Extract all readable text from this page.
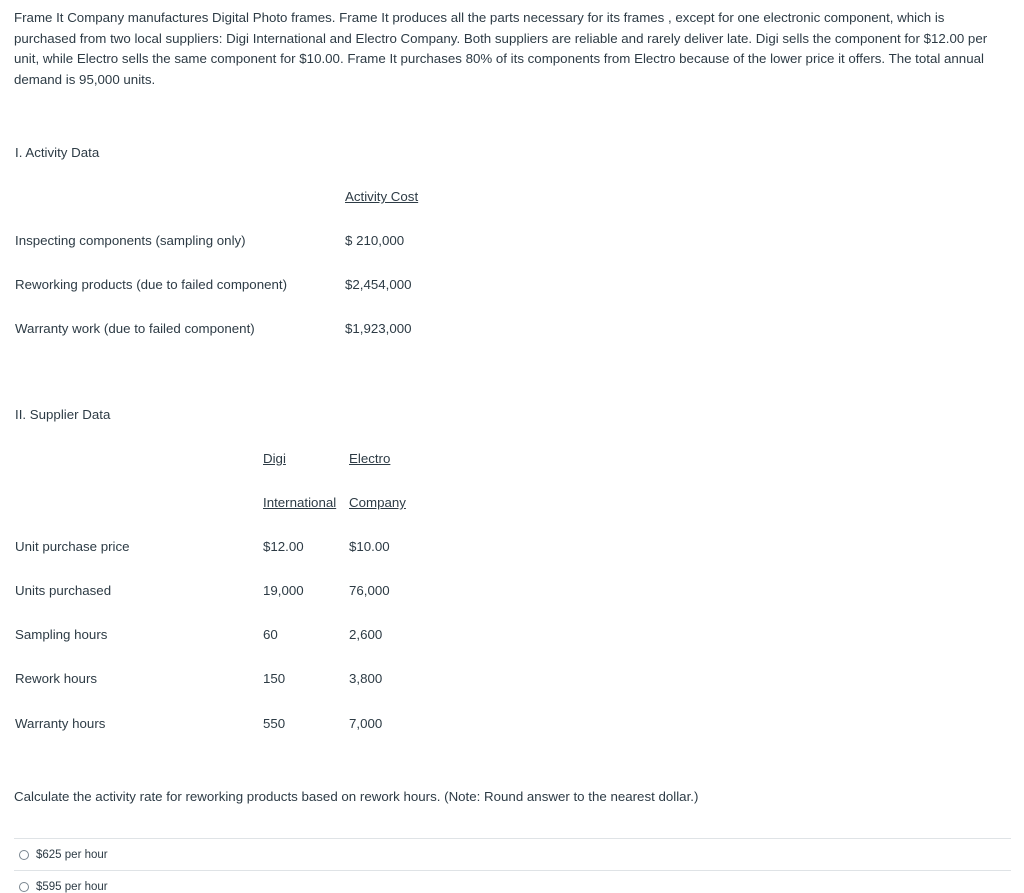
Frame It Company manufactures Digital Photo frames. Frame It produces all the parts necessary for its frames , except for one electronic component, which is purchased from two local suppliers: Digi International and Electro Company. Both suppliers are reliable and rarely deliver late. Digi sells the component for $12.00 per unit, while Electro sells the same component for $10.00. Frame It purchases 80% of its components from Electro because of the lower price it offers. The total annual demand is 95,000 units.

I. Activity Data
Activity Cost
Inspecting components (sampling only)	$ 210,000
Reworking products (due to failed component)	$2,454,000
Warranty work (due to failed component)	$1,923,000
II. Supplier Data
Digi	Electro
International Company
Unit purchase price	$12.00	$10.00
Units purchased	19,000	76,000
Sampling hours	60	2,600
Rework hours	150	3,800
Warranty hours	550	7,000
Calculate the activity rate for reworking products based on rework hours. (Note: Round answer to the nearest dollar.)
$625 per hour
$595 per hour
